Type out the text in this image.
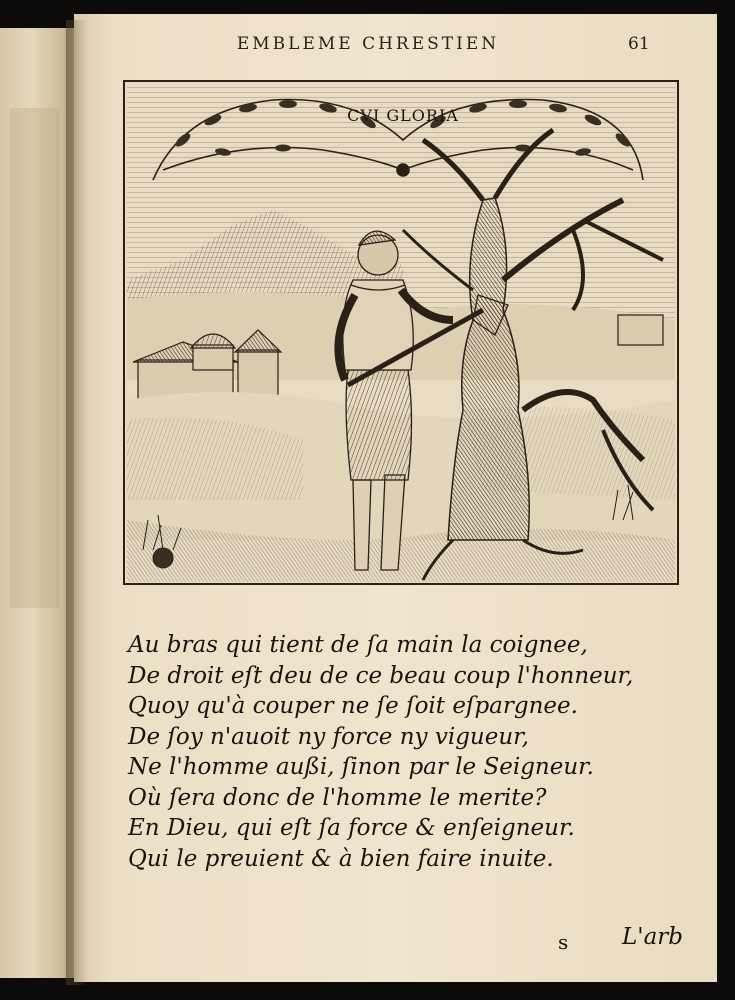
EMBLEME CHRESTIEN	61
CVI GLORIA
Au bras qui tient de ſa main la coignee,
De droit eſt deu de ce beau coup l'honneur,
Quoy qu'à couper ne ſe ſoit eſpargnee.
De ſoy n'auoit ny force ny vigueur,
Ne l'homme außi, ſinon par le Seigneur.
Où ſera donc de l'homme le merite?
En Dieu, qui eſt ſa force & enſeigneur.
Qui le preuient & à bien faire inuite.
s	L'arb
